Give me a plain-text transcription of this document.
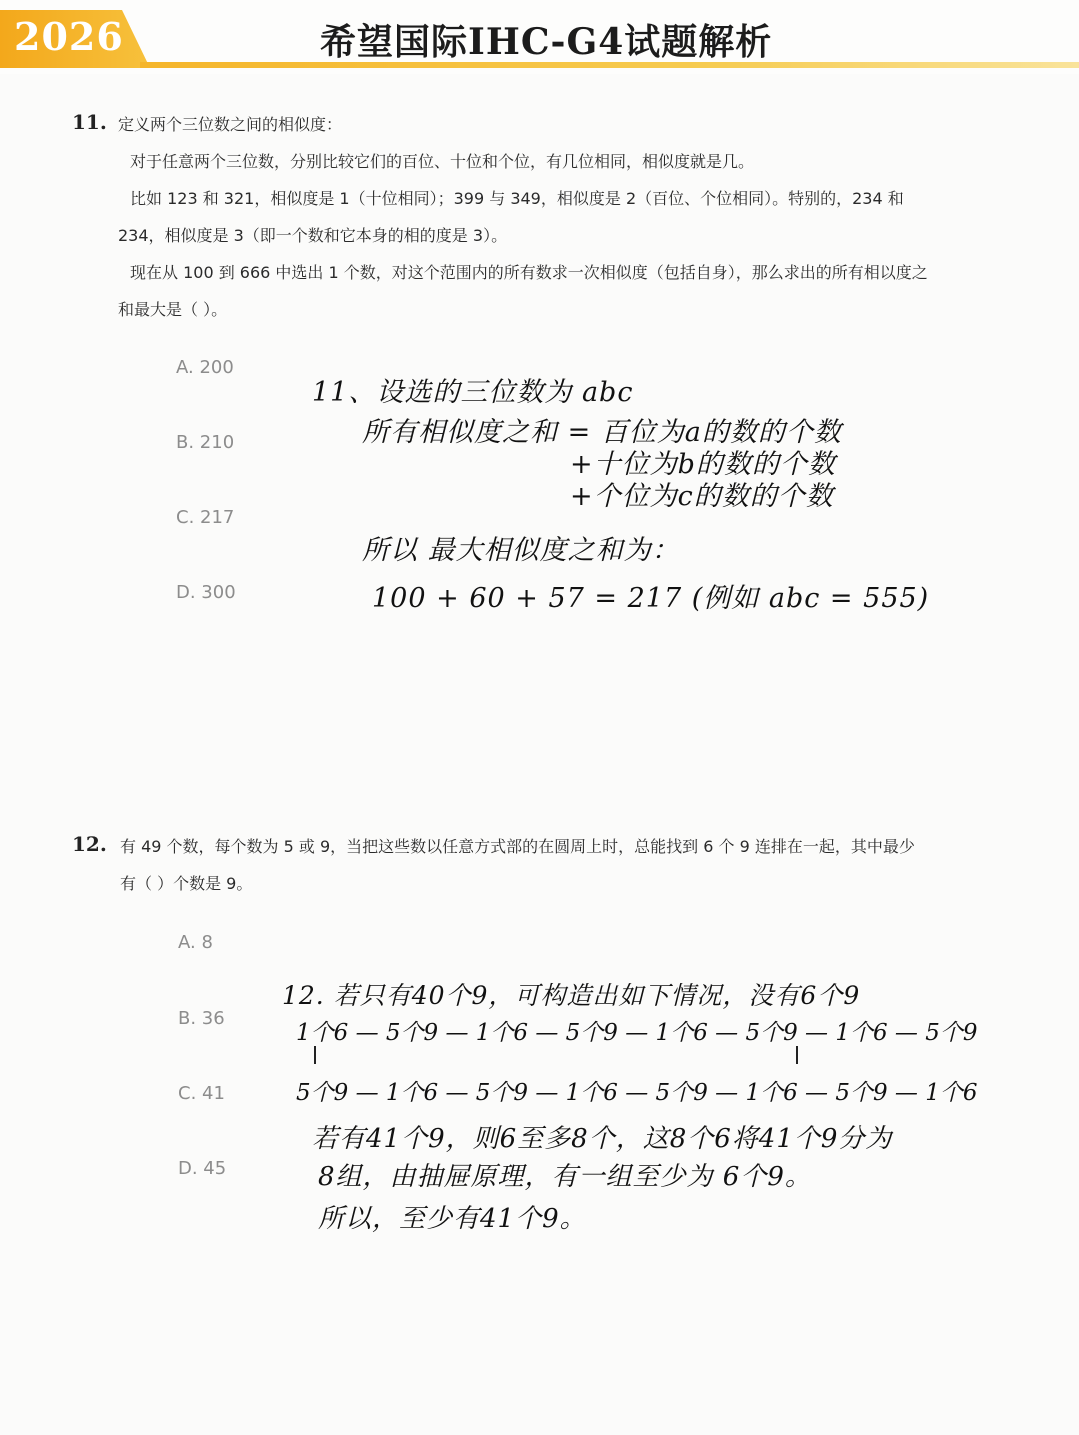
2026	希望国际IHC-G4试题解析
11. 定义两个三位数之间的相似度：
对于任意两个三位数，分别比较它们的百位、十位和个位，有几位相同，相似度就是几。
比如 123 和 321，相似度是 1（十位相同）；399 与 349，相似度是 2（百位、个位相同）。特别的，234 和
234，相似度是 3（即一个数和它本身的相的度是 3）。
现在从 100 到 666 中选出 1 个数，对这个范围内的所有数求一次相似度（包括自身），那么求出的所有相以度之
和最大是（ ）。
A. 200
B. 210
C. 217
D. 300
11、设选的三位数为 abc
所有相似度之和 = 百位为a的数的个数
+十位为b的数的个数
+个位为c的数的个数
所以 最大相似度之和为：
100 + 60 + 57 = 217 (例如 abc = 555)
12. 有 49 个数，每个数为 5 或 9，当把这些数以任意方式部的在圆周上时，总能找到 6 个 9 连排在一起，其中最少
有（ ）个数是 9。
A. 8
B. 36
C. 41
D. 45
12. 若只有40个9，可构造出如下情况，没有6个9
1个6 — 5个9 — 1个6 — 5个9 — 1个6 — 5个9 — 1个6 — 5个9
5个9 — 1个6 — 5个9 — 1个6 — 5个9 — 1个6 — 5个9 — 1个6
若有41个9，则6至多8个，这8个6将41个9分为
8组，由抽屉原理，有一组至少为 6个9。
所以，至少有41个9。
